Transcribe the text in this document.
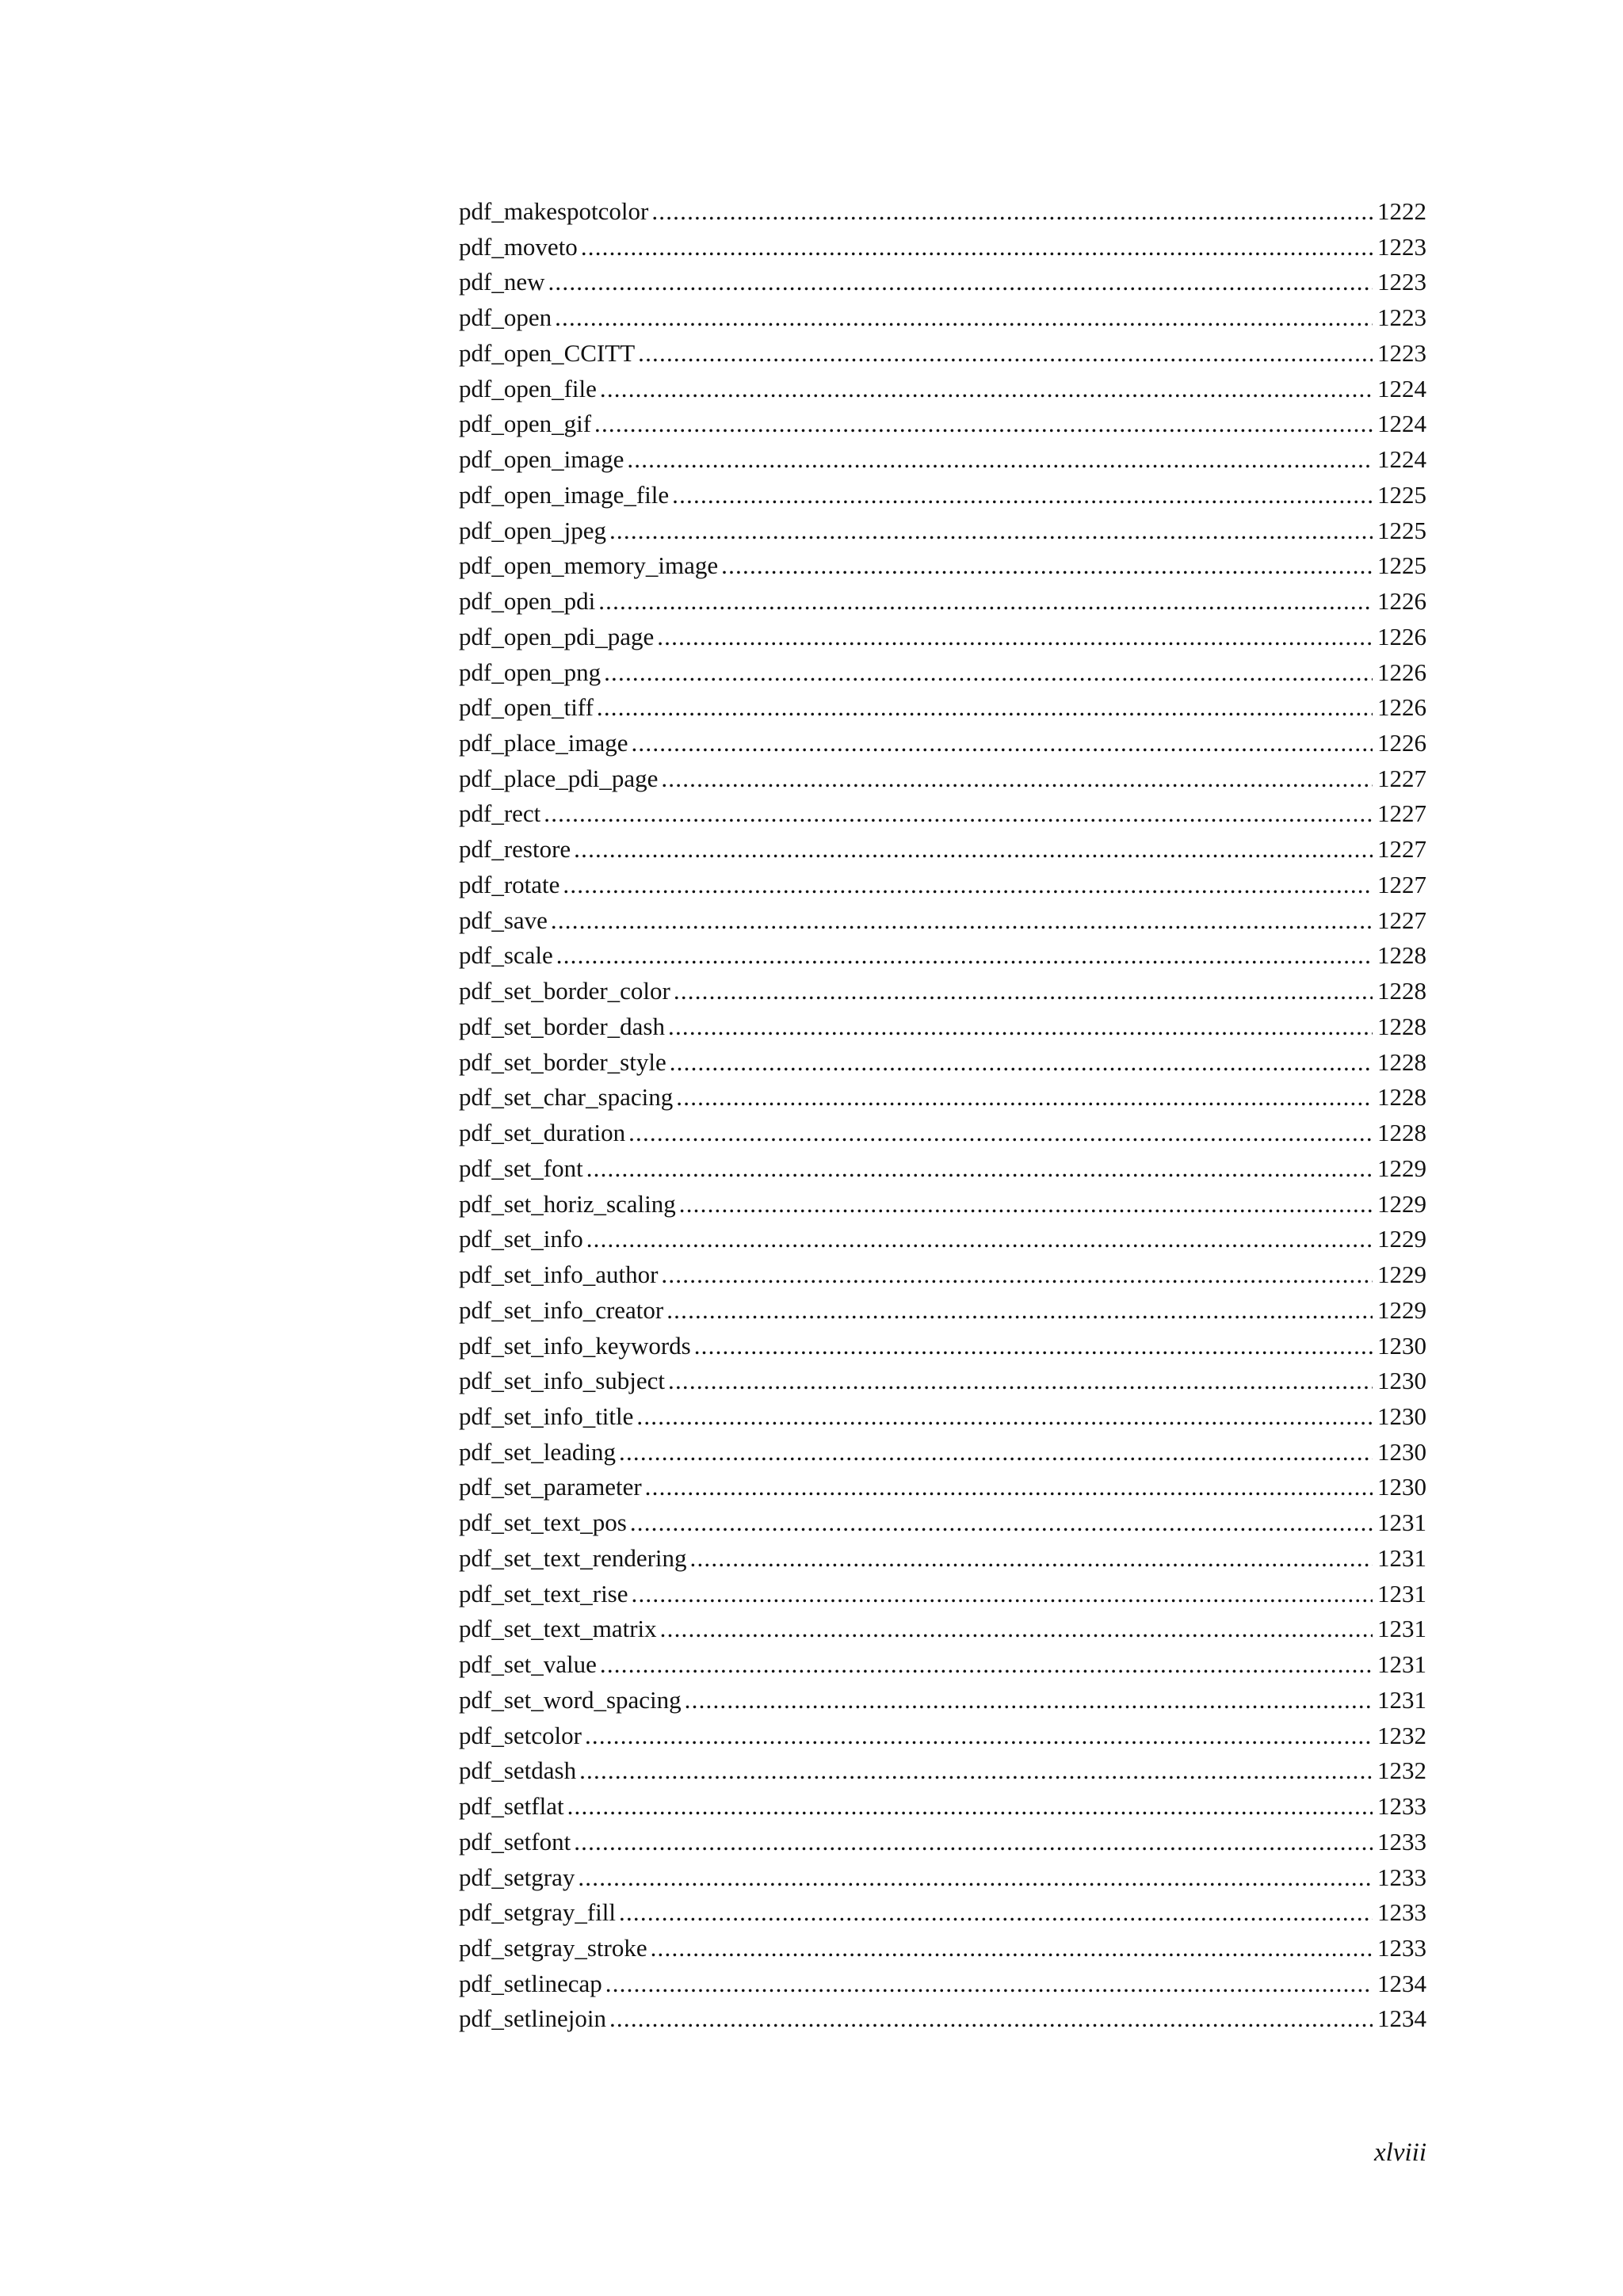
pdf_makespotcolor .....	1222
pdf_moveto .....	1223
pdf_new .....	1223
pdf_open .....	1223
pdf_open_CCITT .....	1223
pdf_open_file .....	1224
pdf_open_gif .....	1224
pdf_open_image .....	1224
pdf_open_image_file .....	1225
pdf_open_jpeg .....	1225
pdf_open_memory_image .....	1225
pdf_open_pdi .....	1226
pdf_open_pdi_page .....	1226
pdf_open_png .....	1226
pdf_open_tiff .....	1226
pdf_place_image .....	1226
pdf_place_pdi_page .....	1227
pdf_rect .....	1227
pdf_restore .....	1227
pdf_rotate .....	1227
pdf_save .....	1227
pdf_scale .....	1228
pdf_set_border_color .....	1228
pdf_set_border_dash .....	1228
pdf_set_border_style .....	1228
pdf_set_char_spacing .....	1228
pdf_set_duration .....	1228
pdf_set_font .....	1229
pdf_set_horiz_scaling .....	1229
pdf_set_info .....	1229
pdf_set_info_author .....	1229
pdf_set_info_creator .....	1229
pdf_set_info_keywords .....	1230
pdf_set_info_subject .....	1230
pdf_set_info_title .....	1230
pdf_set_leading .....	1230
pdf_set_parameter .....	1230
pdf_set_text_pos .....	1231
pdf_set_text_rendering .....	1231
pdf_set_text_rise .....	1231
pdf_set_text_matrix .....	1231
pdf_set_value .....	1231
pdf_set_word_spacing .....	1231
pdf_setcolor .....	1232
pdf_setdash .....	1232
pdf_setflat .....	1233
pdf_setfont .....	1233
pdf_setgray .....	1233
pdf_setgray_fill .....	1233
pdf_setgray_stroke .....	1233
pdf_setlinecap .....	1234
pdf_setlinejoin .....	1234
xlviii
